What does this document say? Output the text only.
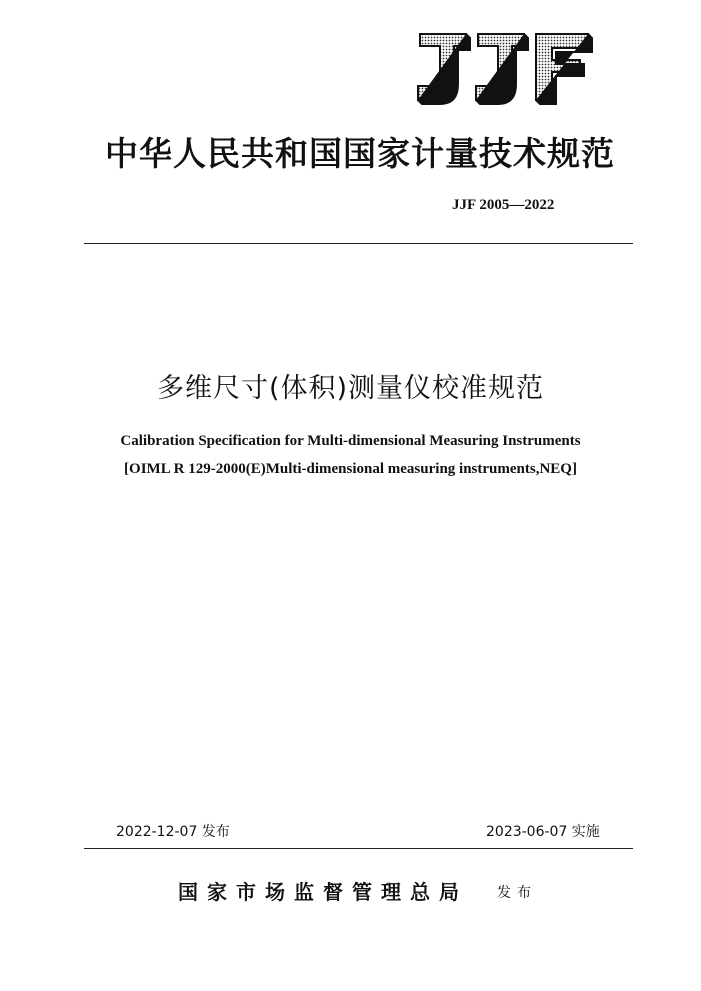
中华人民共和国国家计量技术规范
JJF 2005—2022
多维尺寸(体积)测量仪校准规范
Calibration Specification for Multi-dimensional Measuring Instruments
[OIML R 129-2000(E)Multi-dimensional measuring instruments,NEQ]
2022-12-07 发布	2023-06-07 实施
国家市场监督管理总局 发布
